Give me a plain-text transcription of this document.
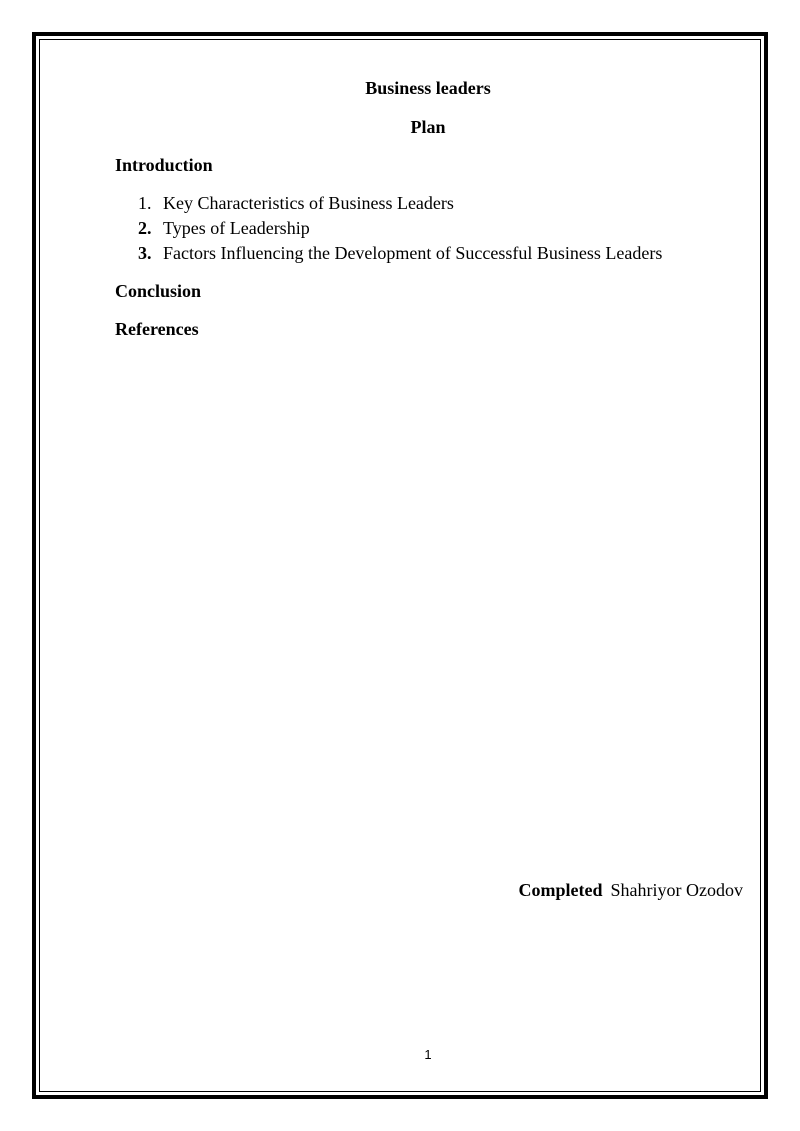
Business leaders
Plan
Introduction
1. Key Characteristics of Business Leaders
2. Types of Leadership
3. Factors Influencing the Development of Successful Business Leaders
Conclusion
References
Completed Shahriyor Ozodov
1
